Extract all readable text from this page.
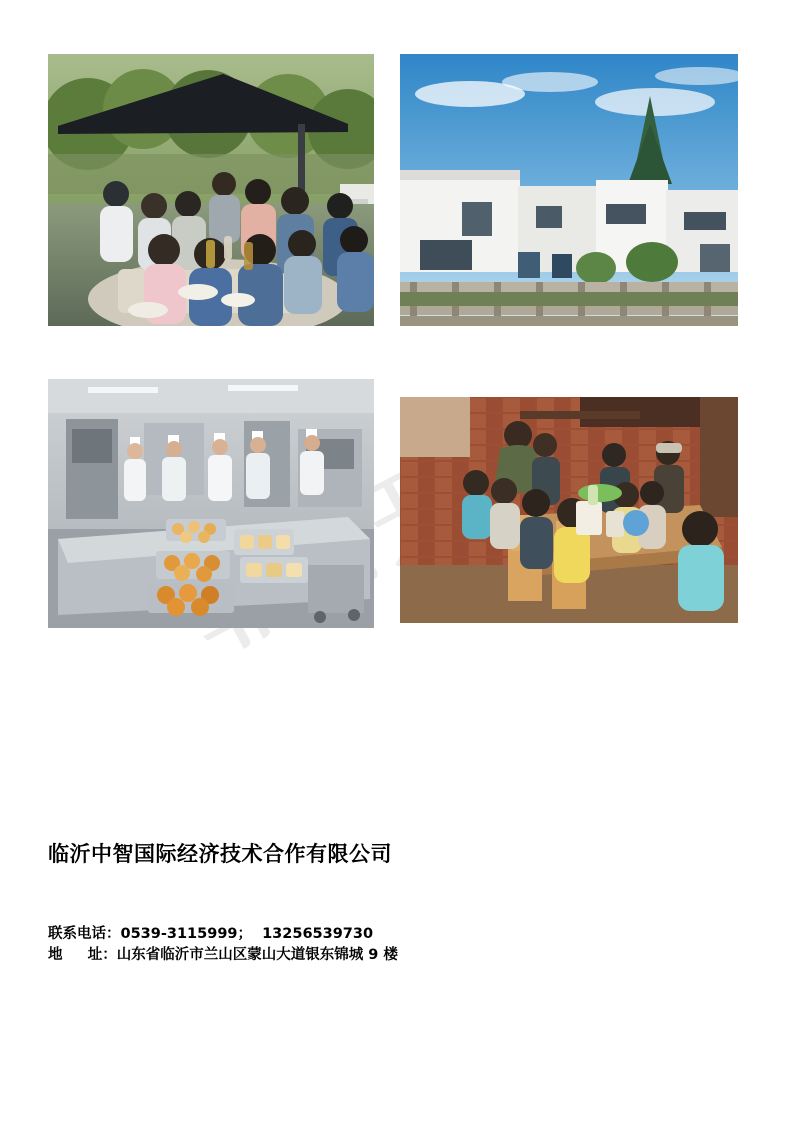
临沂中智国际经济技术合作有限公司

联系电话：0539-3115999；  13256539730

地     址：山东省临沂市兰山区蒙山大道银东锦城 9 楼
